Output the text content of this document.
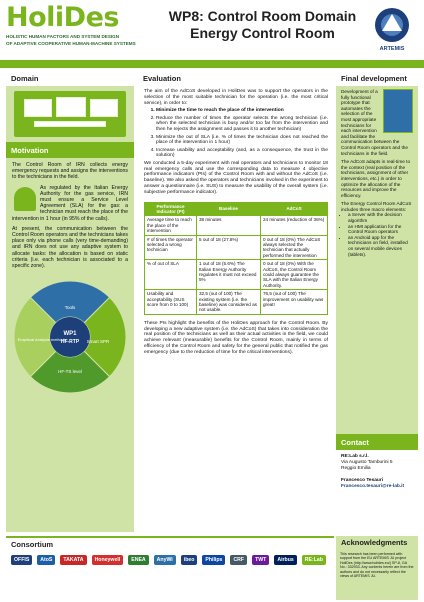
HoliDes
HOLISTIC HUMAN FACTORS AND SYSTEM DESIGN
OF ADAPTIVE COOPERATIVE HUMAN-MACHINE SYSTEMS
WP8: Control Room Domain
Energy Control Room
ARTEMIS
Domain
Motivation

The Control Room of IRN collects energy emergency requests and assigns the interventions to the technicians in the field.

As regulated by the Italian Energy Authority for the gas service, IRN must ensure a Service Level Agreement (SLA) for the gas: a technician must reach the place of the intervention in 1 hour (in 95% of the calls).

At present, the communication between the Control Room operators and the technicians takes place only via phone calls (very time-demanding) and IRN does not use any adaptive system to allocate tasks: the allocation is based on static criteria (i.e. each technician is associated to a specific zone).

WP1
HF-RTP
Tools
Smart SPR
HF-TS level
Empirical Analysis methods
Evaluation

The aim of the AdCoS developed in HoliDes was to support the operators in the selection of the most suitable technician for the operation (i.e. the most critical service), in order to:

1. Minimize the time to reach the place of the intervention
2. Reduce the number of times the operator selects the wrong technician (i.e. when the selected technician is busy and/or too far from the intervention and then he rejects the assignment and passes it to another technician)
3. Minimize the out of SLA (i.e. % of times the technician does not reached the place of the intervention in 1 hour)
4. Increase usability and acceptability (and, as a consequence, the trust in the solution)

We conducted a 5-day experiment with real operators and technicians to monitor 18 real emergency calls and use the corresponding data to measure 4 objective performance indicators (PIs) of the Control Room with and without the AdCoS (i.e. baseline). We also asked the operators and technicians involved in the experiment to answer a questionnaire (i.e. SUS) to measure the usability of the overall system (i.e. subjective performance indicator).

Performance Indicator (PI)	Baseline	AdCoS
Average time to reach the place of the intervention	38 minutes	24 minutes (reduction of 36%)
# of times the operator selected a wrong technician	5 out of 18 (27.8%)	0 out of 18 (0%) The AdCoS always selected the technician that actually performed the intervention
% of out of SLA	1 out of 18 (5.6%) The Italian Energy Authority regulates it must not exceed 5%	0 out of 18 (0%) With the AdCoS, the Control Room could always guarantee the SLA with the Italian Energy Authority.
Usability and acceptability (SUS score from 0 to 100)	32,5 (out of 100) The existing system (i.e. the baseline) was considered as not usable.	76,5 (out of 100) The improvement on usability was great!
These PIs highlight the benefits of the HoliDes approach for the Control Room. By developing a new adaptive system (i.e. the AdCoS) that takes into consideration the real position of the technicians as well as their actual activities in the field, we could achieve relevant (measurable) benefits for the Control Room, mainly in terms of efficiency of the Control Room and safety for the general public that notified the gas emergency (due to the reduction of time for the critical interventions).
Final development

Development of a fully functional prototype that automates the selection of the most appropriate technicians for each intervention and facilitate the communication between the Control Room operators and the technicians in the field.

The AdCoS adapts in real-time to the context (real position of the technicians, assignment of other interventions, etc.) in order to optimize the allocation of the resources and improve the efficiency.

The Energy Control Room AdCoS includes three macro elements:

• a Server with the decision algorithm
• an HMI application for the Control Room operators
• an Android app for the technicians on field, installed on several mobile devices (tablets).
Contact
RE:Lab s.r.l.
Via Augusto Tamburini 5
Reggio Emilia
Francesco Tesauri
Francesco.tesauri@re-lab.it
Consortium
OFFIS	AtoS	TAKATA	Honeywell	ENEA	AnyWi	ibeo	Philips	CRF	TWT	Airbus	RE:Lab
Acknowledgments
This research has been performed with support from the EU ARTEMIS JU project HoliDes (http://www.holides.eu/) SP-8, GA No.: 332933. Any contents herein are from the authors and do not necessarily reflect the views of ARTEMIS JU.
